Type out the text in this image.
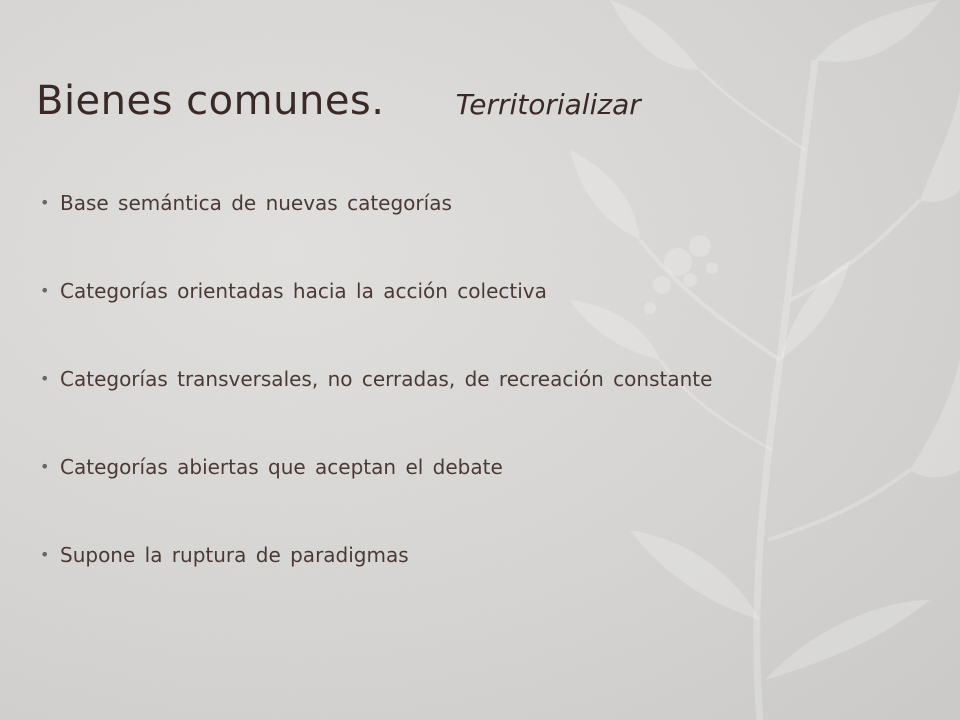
Bienes comunes.	Territorializar
• Base semántica de nuevas categorías
• Categorías orientadas hacia la acción colectiva
• Categorías transversales, no cerradas, de recreación constante
• Categorías abiertas que aceptan el debate
• Supone la ruptura de paradigmas
